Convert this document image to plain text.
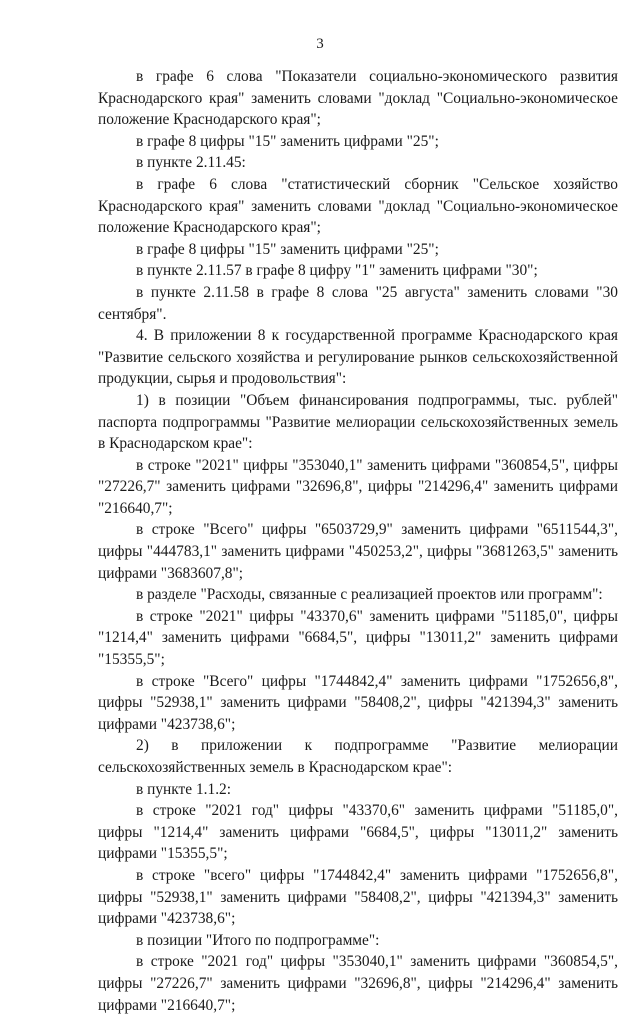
3

в графе 6 слова "Показатели социально-экономического развития Краснодарского края" заменить словами "доклад "Социально-экономическое положение Краснодарского края";

в графе 8 цифры "15" заменить цифрами "25";

в пункте 2.11.45:

в графе 6 слова "статистический сборник "Сельское хозяйство Краснодарского края" заменить словами "доклад "Социально-экономическое положение Краснодарского края";

в графе 8 цифры "15" заменить цифрами "25";

в пункте 2.11.57 в графе 8 цифру "1" заменить цифрами "30";

в пункте 2.11.58 в графе 8 слова "25 августа" заменить словами "30 сентября".

4. В приложении 8 к государственной программе Краснодарского края "Развитие сельского хозяйства и регулирование рынков сельскохозяйственной продукции, сырья и продовольствия":

1) в позиции "Объем финансирования подпрограммы, тыс. рублей" паспорта подпрограммы "Развитие мелиорации сельскохозяйственных земель в Краснодарском крае":

в строке "2021" цифры "353040,1" заменить цифрами "360854,5", цифры "27226,7" заменить цифрами "32696,8", цифры "214296,4" заменить цифрами "216640,7";

в строке "Всего" цифры "6503729,9" заменить цифрами "6511544,3", цифры "444783,1" заменить цифрами "450253,2", цифры "3681263,5" заменить цифрами "3683607,8";

в разделе "Расходы, связанные с реализацией проектов или программ":

в строке "2021" цифры "43370,6" заменить цифрами "51185,0", цифры "1214,4" заменить цифрами "6684,5", цифры "13011,2" заменить цифрами "15355,5";

в строке "Всего" цифры "1744842,4" заменить цифрами "1752656,8", цифры "52938,1" заменить цифрами "58408,2", цифры "421394,3" заменить цифрами "423738,6";

2) в приложении к подпрограмме "Развитие мелиорации сельскохозяйственных земель в Краснодарском крае":

в пункте 1.1.2:

в строке "2021 год" цифры "43370,6" заменить цифрами "51185,0", цифры "1214,4" заменить цифрами "6684,5", цифры "13011,2" заменить цифрами "15355,5";

в строке "всего" цифры "1744842,4" заменить цифрами "1752656,8", цифры "52938,1" заменить цифрами "58408,2", цифры "421394,3" заменить цифрами "423738,6";

в позиции "Итого по подпрограмме":

в строке "2021 год" цифры "353040,1" заменить цифрами "360854,5", цифры "27226,7" заменить цифрами "32696,8", цифры "214296,4" заменить цифрами "216640,7";
